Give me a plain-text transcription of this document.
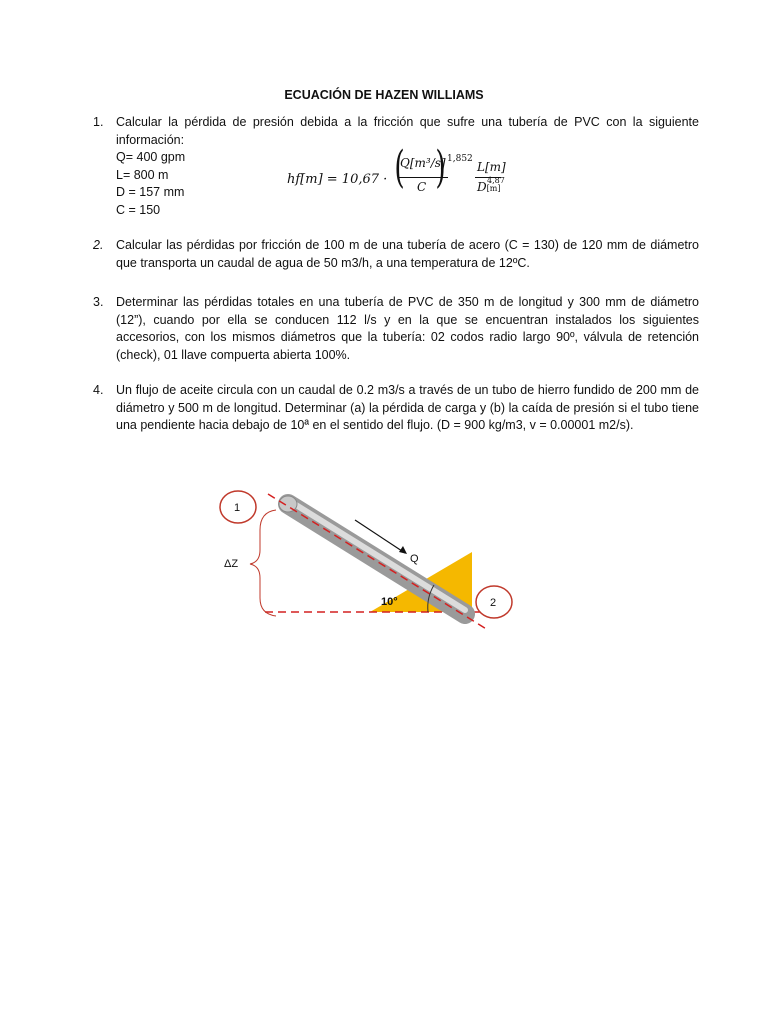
ECUACIÓN DE HAZEN WILLIAMS
1.	Calcular la pérdida de presión debida a la fricción que sufre una tubería de PVC con la siguiente información:

Q= 400 gpm

L= 800 m

D = 157 mm

C = 150

hf[m] = 10,67 · (
Q[m³/s]
C ) 1,852
L[m]
D[m]
4,87
2.	Calcular las pérdidas por fricción de 100 m de una tubería de acero (C = 130) de 120 mm de diámetro que transporta un caudal de agua de 50 m3/h, a una temperatura de 12ºC.

3.	Determinar las pérdidas totales en una tubería de PVC de 350 m de longitud y 300 mm de diámetro (12”), cuando por ella se conducen 112 l/s y en la que se encuentran instalados los siguientes accesorios, con los mismos diámetros que la tubería: 02 codos radio largo 90º, válvula de retención (check), 01 llave compuerta abierta 100%.

4.	Un flujo de aceite circula con un caudal de 0.2 m3/s a través de un tubo de hierro fundido de 200 mm de diámetro y 500 m de longitud. Determinar (a) la pérdida de carga y (b) la caída de presión si el tubo tiene una pendiente hacia debajo de 10ª en el sentido del flujo. (D = 900 kg/m3, v = 0.00001 m2/s).

Q
10°
1
2
ΔZ
